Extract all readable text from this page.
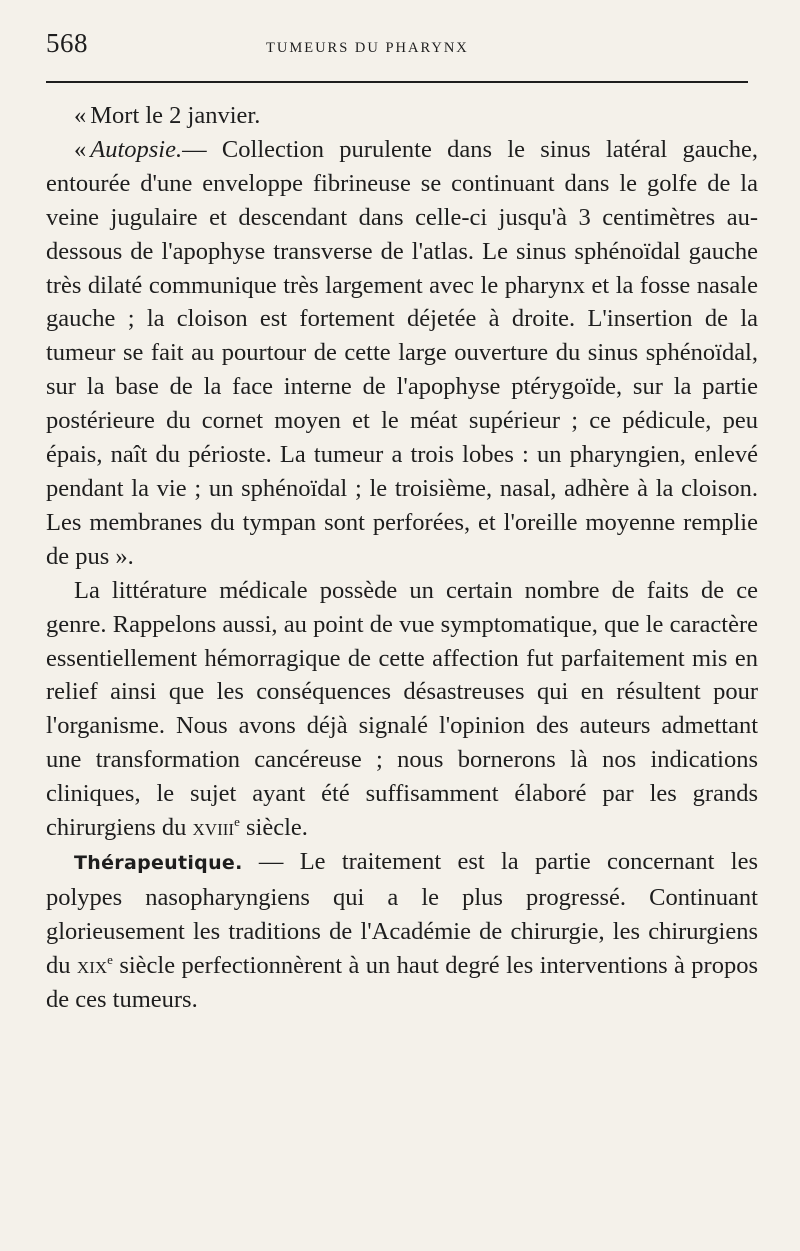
568	TUMEURS DU PHARYNX

« Mort le 2 janvier.

« Autopsie.— Collection purulente dans le sinus latéral gauche, entourée d'une enveloppe fibrineuse se continuant dans le golfe de la veine jugulaire et descendant dans celle-ci jusqu'à 3 centimètres au-dessous de l'apophyse transverse de l'atlas. Le sinus sphénoïdal gauche très dilaté communique très largement avec le pharynx et la fosse nasale gauche ; la cloison est fortement déjetée à droite. L'insertion de la tumeur se fait au pourtour de cette large ouverture du sinus sphénoïdal, sur la base de la face interne de l'apophyse ptérygoïde, sur la partie postérieure du cornet moyen et le méat supérieur ; ce pédicule, peu épais, naît du périoste. La tumeur a trois lobes : un pharyngien, enlevé pendant la vie ; un sphénoïdal ; le troisième, nasal, adhère à la cloison. Les membranes du tympan sont perforées, et l'oreille moyenne remplie de pus ».

La littérature médicale possède un certain nombre de faits de ce genre. Rappelons aussi, au point de vue symptomatique, que le caractère essentiellement hémorragique de cette affection fut parfaitement mis en relief ainsi que les conséquences désastreuses qui en résultent pour l'organisme. Nous avons déjà signalé l'opinion des auteurs admettant une transformation cancéreuse ; nous bornerons là nos indications cliniques, le sujet ayant été suffisamment élaboré par les grands chirurgiens du xviii$^e$ siècle.

Thérapeutique. — Le traitement est la partie concernant les polypes nasopharyngiens qui a le plus progressé. Continuant glorieusement les traditions de l'Académie de chirurgie, les chirurgiens du xix$^e$ siècle perfectionnèrent à un haut degré les interventions à propos de ces tumeurs.
